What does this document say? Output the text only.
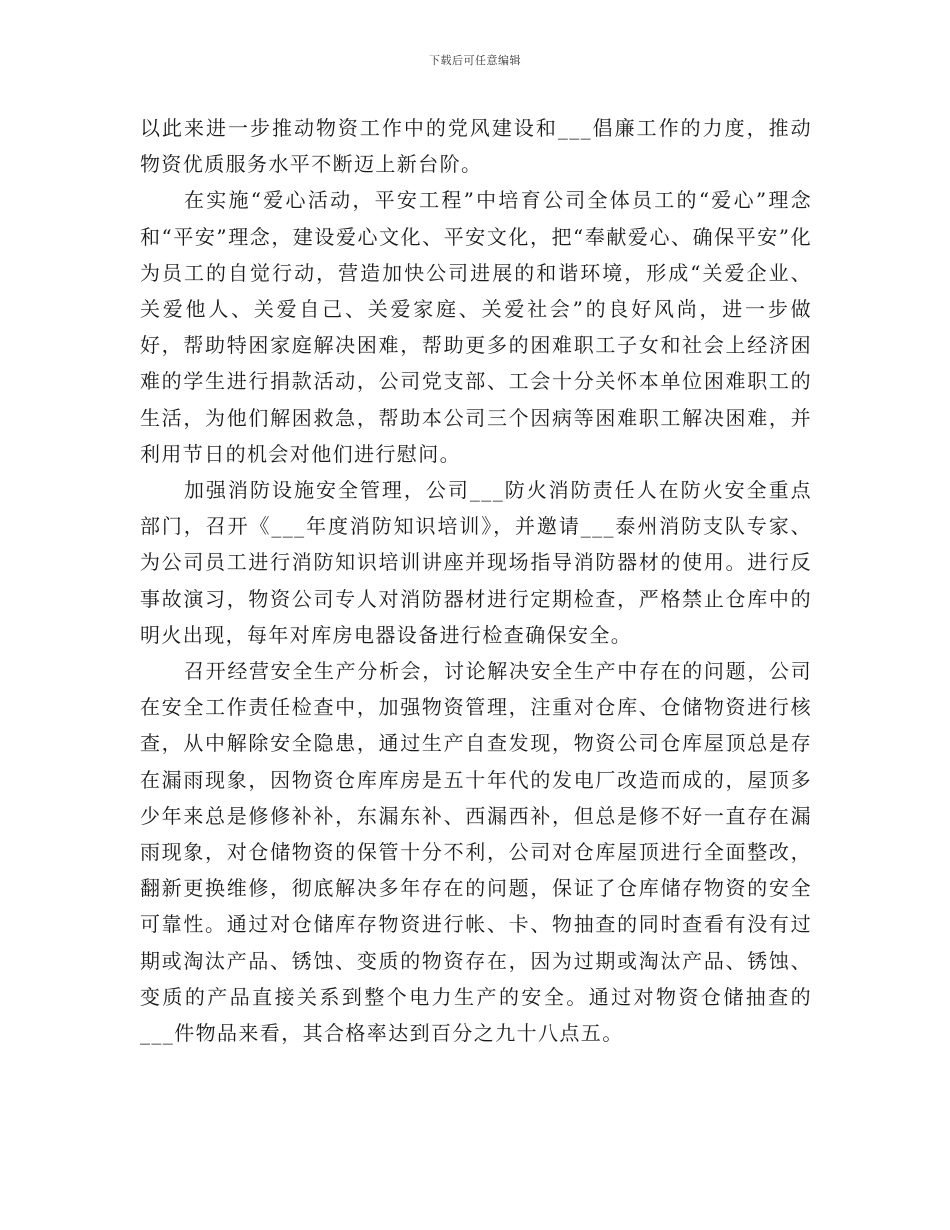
下载后可任意编辑

以此来进一步推动物资工作中的党风建设和___倡廉工作的力度，推动物资优质服务水平不断迈上新台阶。

在实施“爱心活动，平安工程”中培育公司全体员工的“爱心”理念和“平安”理念，建设爱心文化、平安文化，把“奉献爱心、确保平安”化为员工的自觉行动，营造加快公司进展的和谐环境，形成“关爱企业、关爱他人、关爱自己、关爱家庭、关爱社会”的良好风尚，进一步做好，帮助特困家庭解决困难，帮助更多的困难职工子女和社会上经济困难的学生进行捐款活动，公司党支部、工会十分关怀本单位困难职工的生活，为他们解困救急，帮助本公司三个因病等困难职工解决困难，并利用节日的机会对他们进行慰问。

加强消防设施安全管理，公司___防火消防责任人在防火安全重点部门，召开《___年度消防知识培训》，并邀请___泰州消防支队专家、为公司员工进行消防知识培训讲座并现场指导消防器材的使用。进行反事故演习，物资公司专人对消防器材进行定期检查，严格禁止仓库中的明火出现，每年对库房电器设备进行检查确保安全。

召开经营安全生产分析会，讨论解决安全生产中存在的问题，公司在安全工作责任检查中，加强物资管理，注重对仓库、仓储物资进行核查，从中解除安全隐患，通过生产自查发现，物资公司仓库屋顶总是存在漏雨现象，因物资仓库库房是五十年代的发电厂改造而成的，屋顶多少年来总是修修补补，东漏东补、西漏西补，但总是修不好一直存在漏雨现象，对仓储物资的保管十分不利，公司对仓库屋顶进行全面整改，翻新更换维修，彻底解决多年存在的问题，保证了仓库储存物资的安全可靠性。通过对仓储库存物资进行帐、卡、物抽查的同时查看有没有过期或淘汰产品、锈蚀、变质的物资存在，因为过期或淘汰产品、锈蚀、变质的产品直接关系到整个电力生产的安全。通过对物资仓储抽查的___件物品来看，其合格率达到百分之九十八点五。
